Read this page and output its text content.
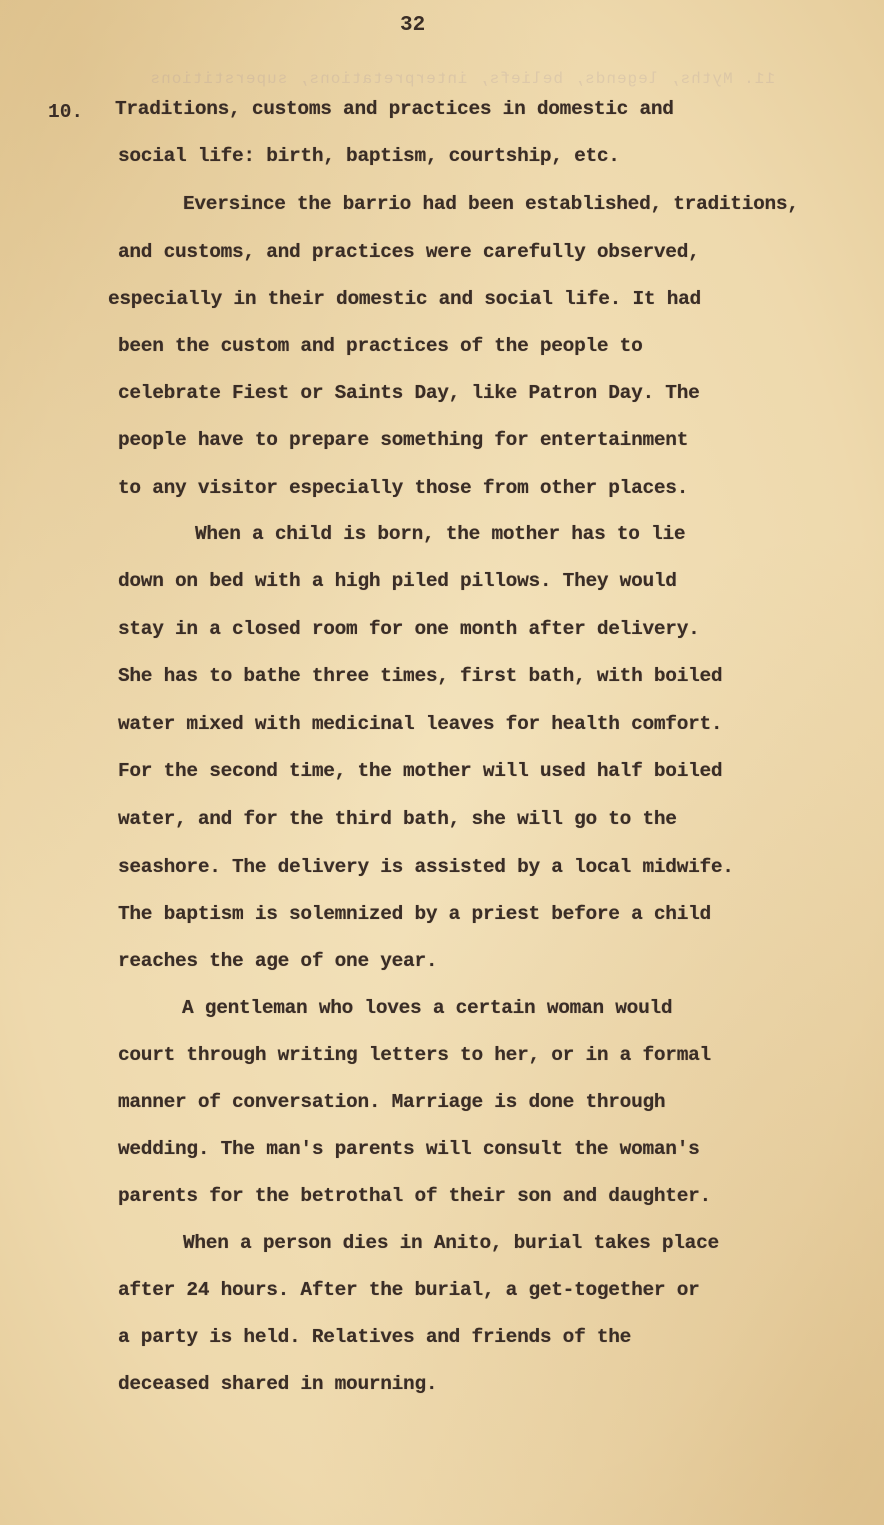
11. Myths, legends, beliefs, interpretations, superstitions
32
10. Traditions, customs and practices in domestic and
social life: birth, baptism, courtship, etc.
Eversince the barrio had been established, traditions,
and customs, and practices were carefully observed,
especially in their domestic and social life. It had
been the custom and practices of the people to
celebrate Fiest or Saints Day, like Patron Day. The
people have to prepare something for entertainment
to any visitor especially those from other places.
When a child is born, the mother has to lie
down on bed with a high piled pillows. They would
stay in a closed room for one month after delivery.
She has to bathe three times, first bath, with boiled
water mixed with medicinal leaves for health comfort.
For the second time, the mother will used half boiled
water, and for the third bath, she will go to the
seashore. The delivery is assisted by a local midwife.
The baptism is solemnized by a priest before a child
reaches the age of one year.
A gentleman who loves a certain woman would
court through writing letters to her, or in a formal
manner of conversation. Marriage is done through
wedding. The man's parents will consult the woman's
parents for the betrothal of their son and daughter.
When a person dies in Anito, burial takes place
after 24 hours. After the burial, a get-together or
a party is held. Relatives and friends of the
deceased shared in mourning.
